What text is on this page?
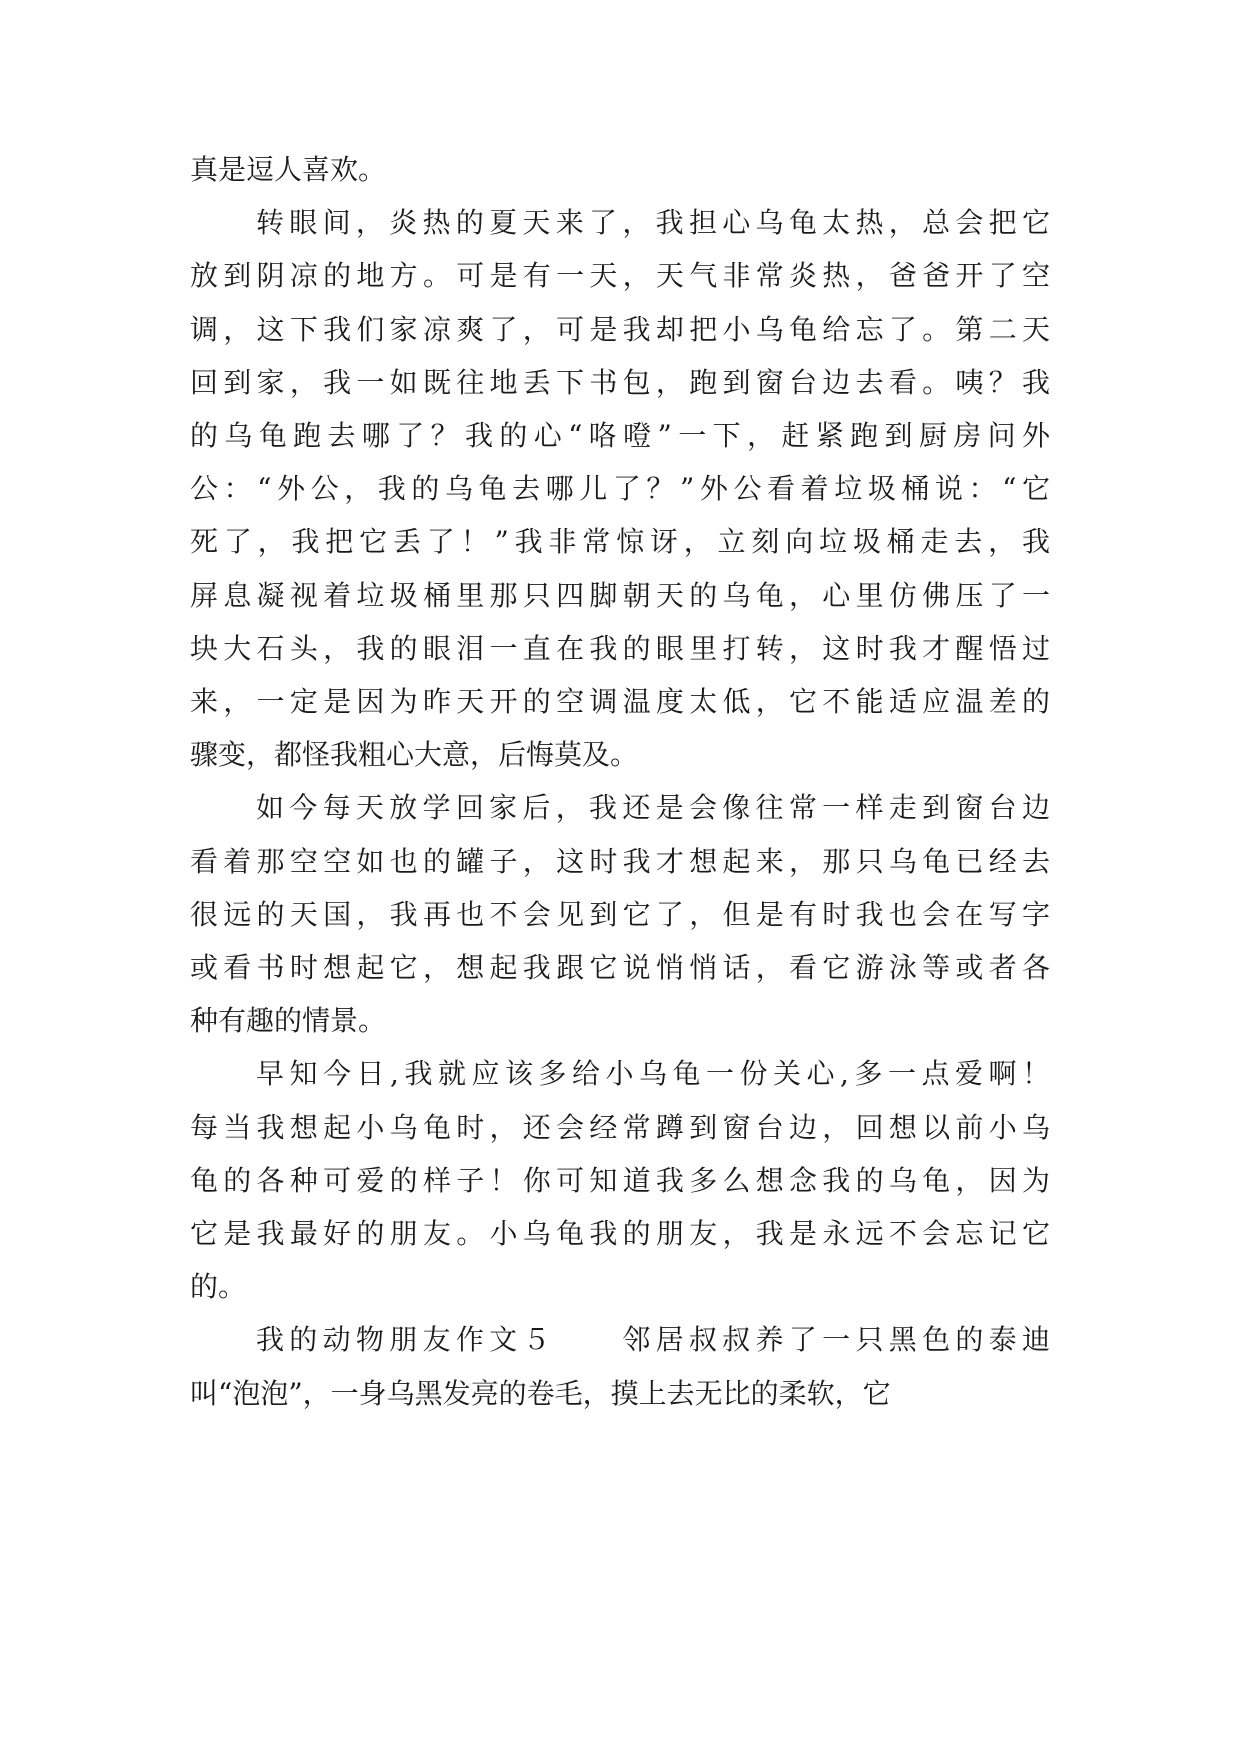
真是逗人喜欢。
转眼间，炎热的夏天来了，我担心乌龟太热，总会把它
放到阴凉的地方。可是有一天，天气非常炎热，爸爸开了空
调，这下我们家凉爽了，可是我却把小乌龟给忘了。第二天
回到家，我一如既往地丢下书包，跑到窗台边去看。咦？我
的乌龟跑去哪了？我的心“咯噔”一下，赶紧跑到厨房问外
公：“外公，我的乌龟去哪儿了？”外公看着垃圾桶说：“它
死了，我把它丢了！”我非常惊讶，立刻向垃圾桶走去，我
屏息凝视着垃圾桶里那只四脚朝天的乌龟，心里仿佛压了一
块大石头，我的眼泪一直在我的眼里打转，这时我才醒悟过
来，一定是因为昨天开的空调温度太低，它不能适应温差的
骤变，都怪我粗心大意，后悔莫及。
如今每天放学回家后，我还是会像往常一样走到窗台边
看着那空空如也的罐子，这时我才想起来，那只乌龟已经去
很远的天国，我再也不会见到它了，但是有时我也会在写字
或看书时想起它，想起我跟它说悄悄话，看它游泳等或者各
种有趣的情景。
早知今日,我就应该多给小乌龟一份关心,多一点爱啊！
每当我想起小乌龟时，还会经常蹲到窗台边，回想以前小乌
龟的各种可爱的样子！你可知道我多么想念我的乌龟，因为
它是我最好的朋友。小乌龟我的朋友，我是永远不会忘记它
的。
我的动物朋友作文５　　邻居叔叔养了一只黑色的泰迪
叫“泡泡”，一身乌黑发亮的卷毛，摸上去无比的柔软，它
